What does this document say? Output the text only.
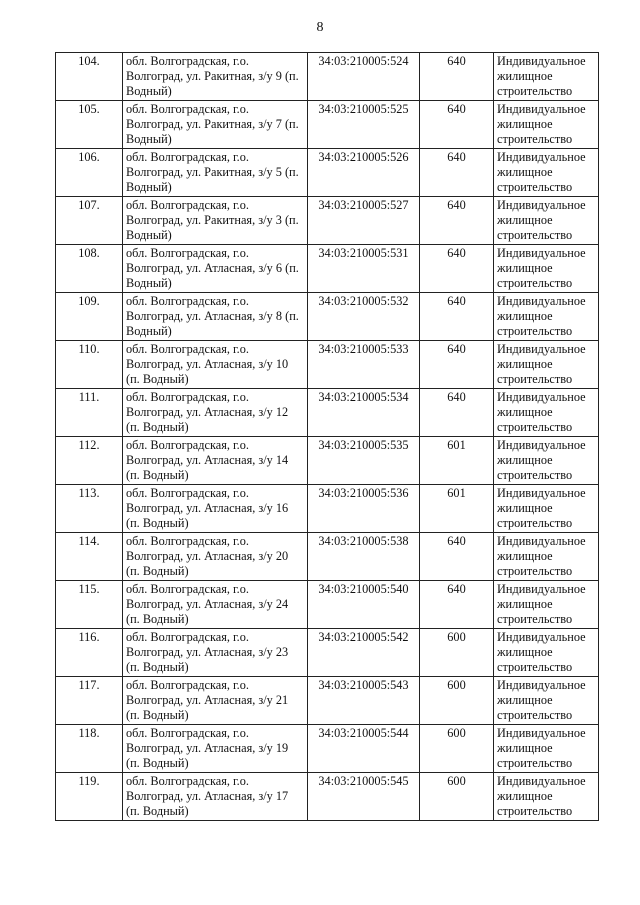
8
104.	обл. Волгоградская, г.о. Волгоград, ул. Ракитная, з/у 9 (п. Водный)	34:03:210005:524	640	Индивидуальное жилищное строительство
105.	обл. Волгоградская, г.о. Волгоград, ул. Ракитная, з/у 7 (п. Водный)	34:03:210005:525	640	Индивидуальное жилищное строительство
106.	обл. Волгоградская, г.о. Волгоград, ул. Ракитная, з/у 5 (п. Водный)	34:03:210005:526	640	Индивидуальное жилищное строительство
107.	обл. Волгоградская, г.о. Волгоград, ул. Ракитная, з/у 3 (п. Водный)	34:03:210005:527	640	Индивидуальное жилищное строительство
108.	обл. Волгоградская, г.о. Волгоград, ул. Атласная, з/у 6 (п. Водный)	34:03:210005:531	640	Индивидуальное жилищное строительство
109.	обл. Волгоградская, г.о. Волгоград, ул. Атласная, з/у 8 (п. Водный)	34:03:210005:532	640	Индивидуальное жилищное строительство
110.	обл. Волгоградская, г.о. Волгоград, ул. Атласная, з/у 10 (п. Водный)	34:03:210005:533	640	Индивидуальное жилищное строительство
111.	обл. Волгоградская, г.о. Волгоград, ул. Атласная, з/у 12 (п. Водный)	34:03:210005:534	640	Индивидуальное жилищное строительство
112.	обл. Волгоградская, г.о. Волгоград, ул. Атласная, з/у 14 (п. Водный)	34:03:210005:535	601	Индивидуальное жилищное строительство
113.	обл. Волгоградская, г.о. Волгоград, ул. Атласная, з/у 16 (п. Водный)	34:03:210005:536	601	Индивидуальное жилищное строительство
114.	обл. Волгоградская, г.о. Волгоград, ул. Атласная, з/у 20 (п. Водный)	34:03:210005:538	640	Индивидуальное жилищное строительство
115.	обл. Волгоградская, г.о. Волгоград, ул. Атласная, з/у 24 (п. Водный)	34:03:210005:540	640	Индивидуальное жилищное строительство
116.	обл. Волгоградская, г.о. Волгоград, ул. Атласная, з/у 23 (п. Водный)	34:03:210005:542	600	Индивидуальное жилищное строительство
117.	обл. Волгоградская, г.о. Волгоград, ул. Атласная, з/у 21 (п. Водный)	34:03:210005:543	600	Индивидуальное жилищное строительство
118.	обл. Волгоградская, г.о. Волгоград, ул. Атласная, з/у 19 (п. Водный)	34:03:210005:544	600	Индивидуальное жилищное строительство
119.	обл. Волгоградская, г.о. Волгоград, ул. Атласная, з/у 17 (п. Водный)	34:03:210005:545	600	Индивидуальное жилищное строительство
